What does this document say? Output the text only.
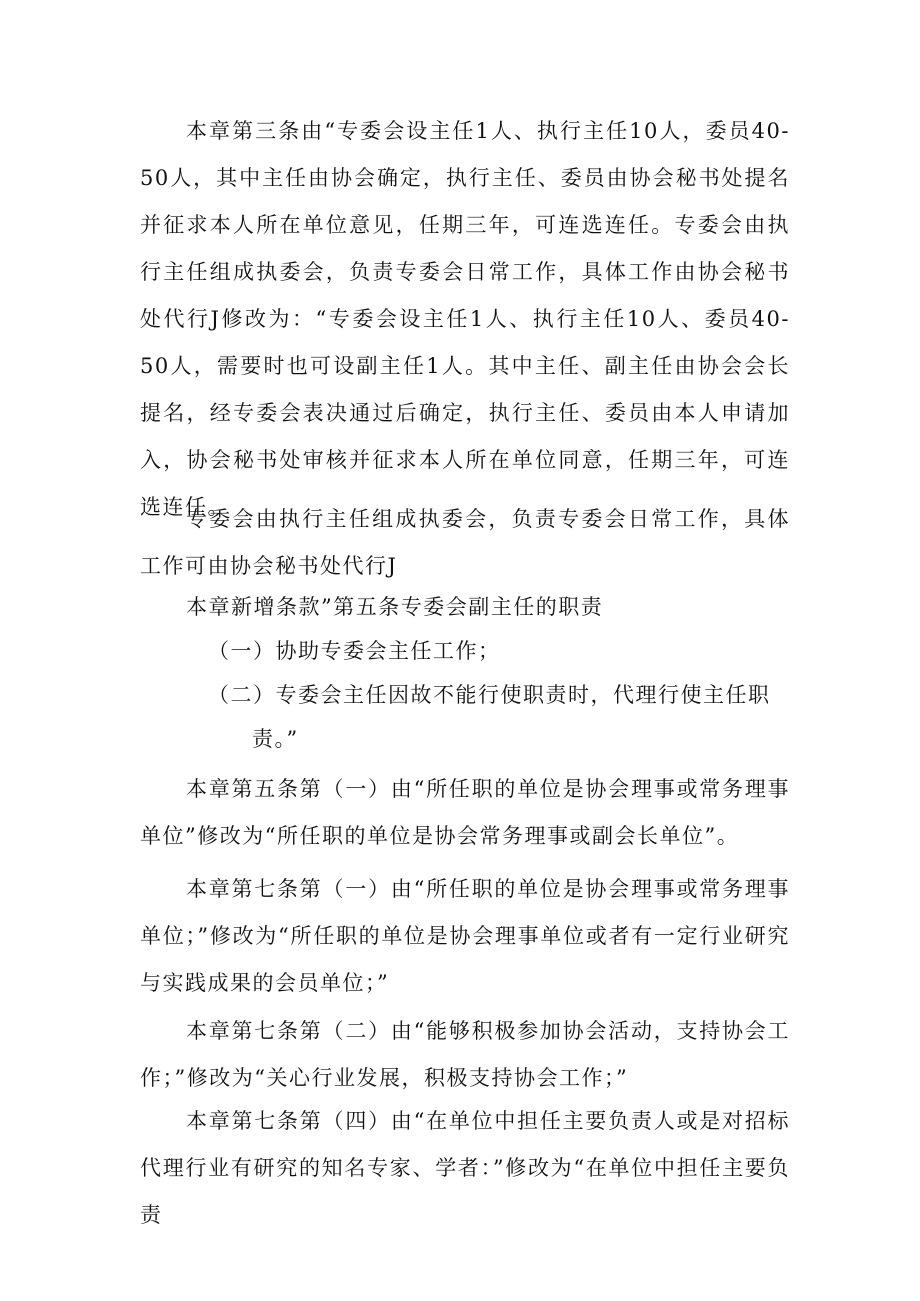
本章第三条由“专委会设主任1人、执行主任10人，委员40-50人，其中主任由协会确定，执行主任、委员由协会秘书处提名并征求本人所在单位意见，任期三年，可连选连任。专委会由执行主任组成执委会，负责专委会日常工作，具体工作由协会秘书处代行J修改为：“专委会设主任1人、执行主任10人、委员40-50人，需要时也可设副主任1人。其中主任、副主任由协会会长提名，经专委会表决通过后确定，执行主任、委员由本人申请加入，协会秘书处审核并征求本人所在单位同意，任期三年，可连选连任。

专委会由执行主任组成执委会，负责专委会日常工作，具体工作可由协会秘书处代行J

本章新增条款”第五条专委会副主任的职责

（一）协助专委会主任工作；

（二）专委会主任因故不能行使职责时，代理行使主任职

责。”

本章第五条第（一）由“所任职的单位是协会理事或常务理事单位”修改为“所任职的单位是协会常务理事或副会长单位”。

本章第七条第（一）由“所任职的单位是协会理事或常务理事单位；”修改为“所任职的单位是协会理事单位或者有一定行业研究与实践成果的会员单位；”

本章第七条第（二）由“能够积极参加协会活动，支持协会工作；”修改为“关心行业发展，积极支持协会工作；”

本章第七条第（四）由“在单位中担任主要负责人或是对招标代理行业有研究的知名专家、学者：”修改为“在单位中担任主要负责
